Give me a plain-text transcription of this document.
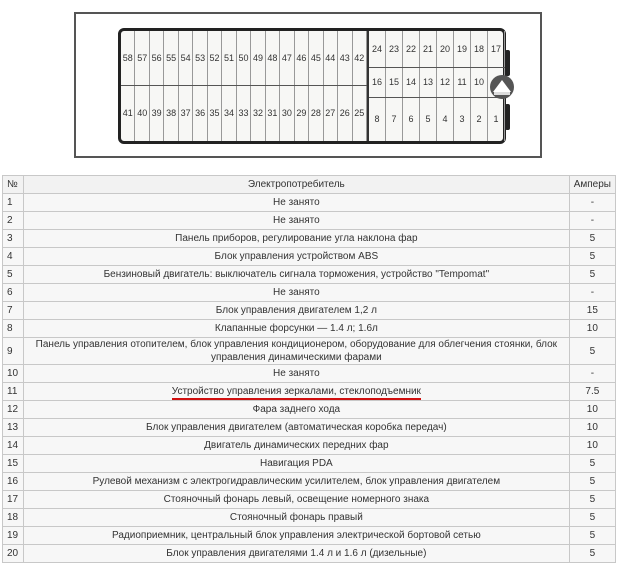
58 57 56 55 54 53 52 51 50 49 48 47 46 45 44 43 42
41 40 39 38 37 36 35 34 33 32 31 30 29 28 27 26 25
24 23 22 21 20 19 18 17
16 15 14 13 12 11 10
8	7	6	5	4	3	2	1
№	Электропотребитель	Амперы
1	Не занято	-
2	Не занято	-
3	Панель приборов, регулирование угла наклона фар	5
4	Блок управления устройством ABS	5
5	Бензиновый двигатель: выключатель сигнала торможения, устройство "Tempomat"	5
6	Не занято	-
7	Блок управления двигателем 1,2 л	15
8	Клапанные форсунки — 1.4 л; 1.6л	10
9	Панель управления отопителем, блок управления кондиционером, оборудование для облегчения стоянки, блок управления динамическими фарами	5
10	Не занято	-
11	Устройство управления зеркалами, стеклоподъемник	7.5
12	Фара заднего хода	10
13	Блок управления двигателем (автоматическая коробка передач)	10
14	Двигатель динамических передних фар	10
15	Навигация PDA	5
16	Рулевой механизм с электрогидравлическим усилителем, блок управления двигателем	5
17	Стояночный фонарь левый, освещение номерного знака	5
18	Стояночный фонарь правый	5
19	Радиоприемник, центральный блок управления электрической бортовой сетью	5
20	Блок управления двигателями 1.4 л и 1.6 л (дизельные)	5
